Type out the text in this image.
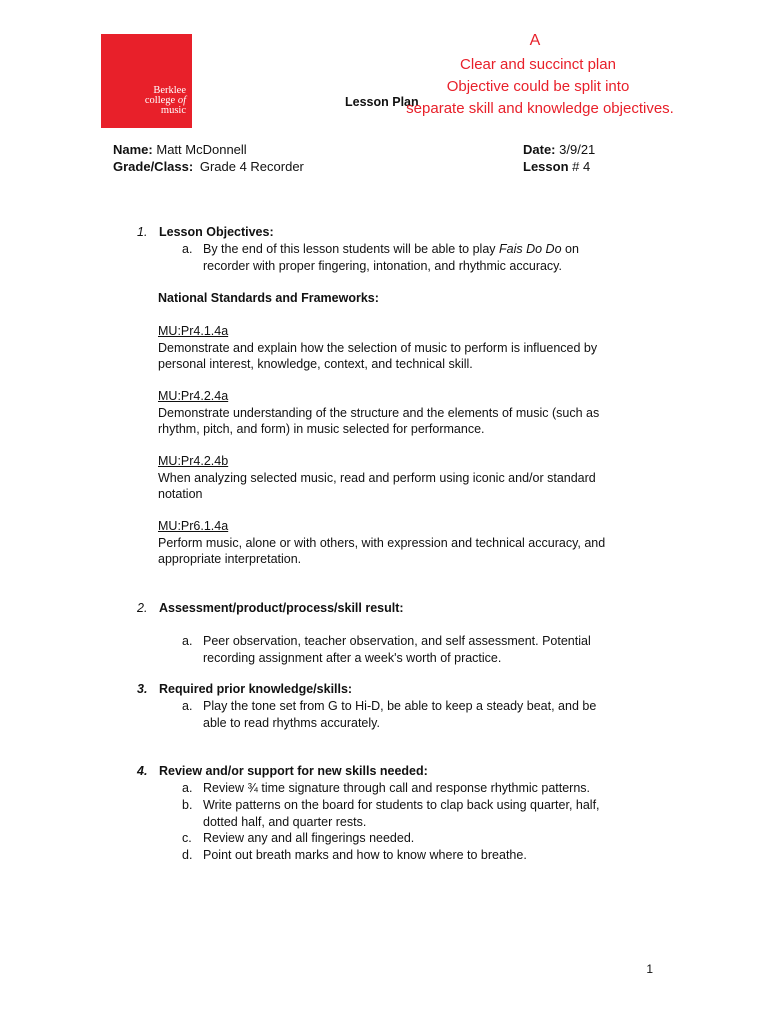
Berklee
college of
music
Lesson Plan
A
Clear and succinct plan
Objective could be split into
separate skill and knowledge objectives.
Name: Matt McDonnell	Date: 3/9/21
Grade/Class: Grade 4 Recorder	Lesson # 4
1. Lesson Objectives:
a. By the end of this lesson students will be able to play Fais Do Do on
recorder with proper fingering, intonation, and rhythmic accuracy.
National Standards and Frameworks:
MU:Pr4.1.4a
Demonstrate and explain how the selection of music to perform is influenced by
personal interest, knowledge, context, and technical skill.
MU:Pr4.2.4a
Demonstrate understanding of the structure and the elements of music (such as
rhythm, pitch, and form) in music selected for performance.
MU:Pr4.2.4b
When analyzing selected music, read and perform using iconic and/or standard
notation
MU:Pr6.1.4a
Perform music, alone or with others, with expression and technical accuracy, and
appropriate interpretation.
2. Assessment/product/process/skill result:
a. Peer observation, teacher observation, and self assessment. Potential
recording assignment after a week's worth of practice.
3. Required prior knowledge/skills:
a. Play the tone set from G to Hi-D, be able to keep a steady beat, and be
able to read rhythms accurately.
4. Review and/or support for new skills needed:
a. Review ¾ time signature through call and response rhythmic patterns.
b. Write patterns on the board for students to clap back using quarter, half,
dotted half, and quarter rests.
c. Review any and all fingerings needed.
d. Point out breath marks and how to know where to breathe.
1
